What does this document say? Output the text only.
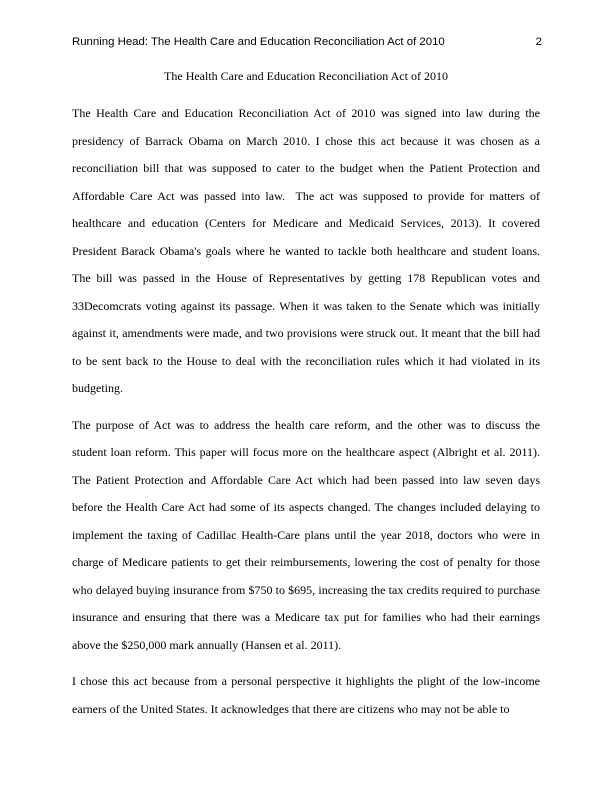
Running Head: The Health Care and Education Reconciliation Act of 2010	2
The Health Care and Education Reconciliation Act of 2010

The Health Care and Education Reconciliation Act of 2010 was signed into law during the presidency of Barrack Obama on March 2010. I chose this act because it was chosen as a reconciliation bill that was supposed to cater to the budget when the Patient Protection and Affordable Care Act was passed into law.  The act was supposed to provide for matters of healthcare and education (Centers for Medicare and Medicaid Services, 2013). It covered President Barack Obama's goals where he wanted to tackle both healthcare and student loans. The bill was passed in the House of Representatives by getting 178 Republican votes and 33Decomcrats voting against its passage. When it was taken to the Senate which was initially against it, amendments were made, and two provisions were struck out. It meant that the bill had to be sent back to the House to deal with the reconciliation rules which it had violated in its budgeting.

The purpose of Act was to address the health care reform, and the other was to discuss the student loan reform. This paper will focus more on the healthcare aspect (Albright et al. 2011). The Patient Protection and Affordable Care Act which had been passed into law seven days before the Health Care Act had some of its aspects changed. The changes included delaying to implement the taxing of Cadillac Health-Care plans until the year 2018, doctors who were in charge of Medicare patients to get their reimbursements, lowering the cost of penalty for those who delayed buying insurance from $750 to $695, increasing the tax credits required to purchase insurance and ensuring that there was a Medicare tax put for families who had their earnings above the $250,000 mark annually (Hansen et al. 2011).

I chose this act because from a personal perspective it highlights the plight of the low-income earners of the United States. It acknowledges that there are citizens who may not be able to
